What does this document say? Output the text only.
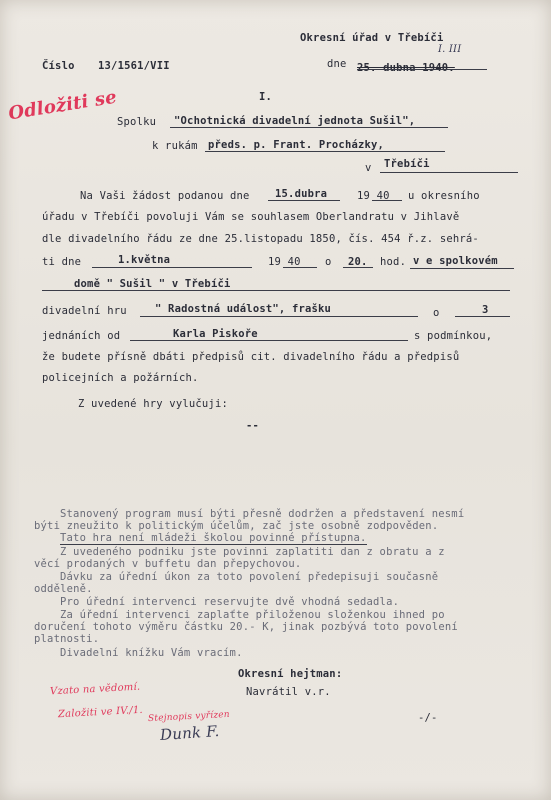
Okresní úřad v Třebíči
I. III
Číslo 13/1561/VII	dne 25. dubna 1940.
I.
Odložiti se
Spolku "Ochotnická divadelní jednota Sušil",
k rukám předs. p. Frant. Procházky,
v Třebíči
Na Vaši žádost podanou dne 15.dubra	19 40 u okresního
úřadu v Třebíči povoluji Vám se souhlasem Oberlandratu v Jihlavě
dle divadelního řádu ze dne 25.listopadu 1850, čís. 454 ř.z. sehrá-
ti dne	1.května	19 40 o 20. hod. v e spolkovém
domě " Sušil " v Třebíči
divadelní hru	" Radostná událost", frašku	o	3
jednáních od	Karla Piskoře	s podmínkou,
že budete přísně dbáti předpisů cit. divadelního řádu a předpisů
policejních a požárních.
Z uvedené hry vylučuji:
--
Stanovený program musí býti přesně dodržen a představení nesmí
býti zneužito k politickým účelům, zač jste osobně zodpověden.
Tato hra není mládeži školou povinné přístupna.
Z uvedeného podniku jste povinni zaplatiti dan z obratu a z
věcí prodaných v buffetu dan přepychovou.
Dávku za úřední úkon za toto povolení předepisuji současně
odděleně.
Pro úřední intervenci reservujte dvě vhodná sedadla.
Za úřední intervenci zaplaťte přiloženou složenkou ihned po
doručení tohoto výměru částku 20.- K, jinak pozbývá toto povolení
platnosti.
Divadelní knížku Vám vracím.
Okresní hejtman:
Navrátil v.r.
Vzato na vědomí.
Založiti ve IV./1. Stejnopis vyřízen
Dunk F.
-/-
